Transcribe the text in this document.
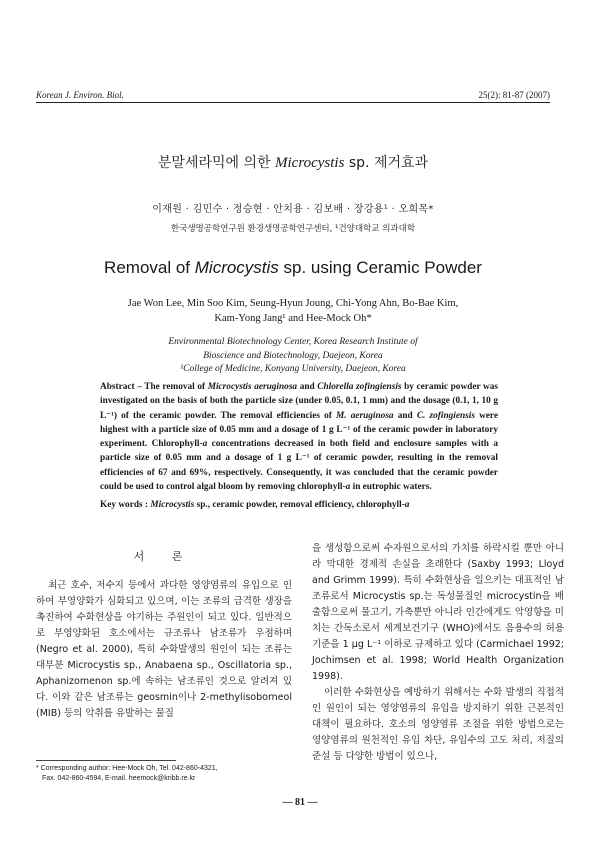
Korean J. Environ. Biol.	25(2): 81-87 (2007)
분말세라믹에 의한 Microcystis sp. 제거효과
이재원 · 김민수 · 정승현 · 안치용 · 김보배 · 장강용¹ · 오희목*
한국생명공학연구원 환경생명공학연구센터, ¹건양대학교 의과대학
Removal of Microcystis sp. using Ceramic Powder
Jae Won Lee, Min Soo Kim, Seung-Hyun Joung, Chi-Yong Ahn, Bo-Bae Kim,
Kam-Yong Jang¹ and Hee-Mock Oh*
Environmental Biotechnology Center, Korea Research Institute of
Bioscience and Biotechnology, Daejeon, Korea
¹College of Medicine, Konyang University, Daejeon, Korea
Abstract – The removal of Microcystis aeruginosa and Chlorella zofingiensis by ceramic powder was investigated on the basis of both the particle size (under 0.05, 0.1, 1 mm) and the dosage (0.1, 1, 10 g L⁻¹) of the ceramic powder. The removal efficiencies of M. aeruginosa and C. zofingiensis were highest with a particle size of 0.05 mm and a dosage of 1 g L⁻¹ of the ceramic powder in laboratory experiment. Chlorophyll-a concentrations decreased in both field and enclosure samples with a particle size of 0.05 mm and a dosage of 1 g L⁻¹ of ceramic powder, resulting in the removal efficiencies of 67 and 69%, respectively. Consequently, it was concluded that the ceramic powder could be used to control algal bloom by removing chlorophyll-a in eutrophic waters.
Key words : Microcystis sp., ceramic powder, removal efficiency, chlorophyll-a
서 론

최근 호수, 저수지 등에서 과다한 영양염류의 유입으로 인하여 부영양화가 심화되고 있으며, 이는 조류의 급격한 생장을 촉진하여 수화현상을 야기하는 주원인이 되고 있다. 일반적으로 부영양화된 호소에서는 규조류나 남조류가 우점하며 (Negro et al. 2000), 특히 수화발생의 원인이 되는 조류는 대부분 Microcystis sp., Anabaena sp., Oscillatoria sp., Aphanizomenon sp.에 속하는 남조류인 것으로 알려져 있다. 이와 같은 남조류는 geosmin이나 2-methylisoborneol (MIB) 등의 악취를 유발하는 물질

을 생성함으로써 수자원으로서의 가치를 하락시킬 뿐만 아니라 막대한 경제적 손실을 초래한다 (Saxby 1993; Lloyd and Grimm 1999). 특히 수화현상을 일으키는 대표적인 남조류로서 Microcystis sp.는 독성물질인 microcystin을 배출함으로써 물고기, 가축뿐만 아니라 인간에게도 악영향을 미치는 간독소로서 세계보건기구 (WHO)에서도 음용수의 허용기준을 1 μg L⁻¹ 이하로 규제하고 있다 (Carmichael 1992; Jochimsen et al. 1998; World Health Organization 1998).

이러한 수화현상을 예방하기 위해서는 수화 발생의 직접적인 원인이 되는 영양염류의 유입을 방지하기 위한 근본적인 대책이 필요하다. 호소의 영양염류 조절을 위한 방법으로는 영양염류의 원천적인 유입 차단, 유입수의 고도 처리, 저질의 준설 등 다양한 방법이 있으나,

* Corresponding author: Hee-Mock Oh, Tel. 042-860-4321,
Fax. 042-860-4594, E-mail. heemock@kribb.re.kr
— 81 —
